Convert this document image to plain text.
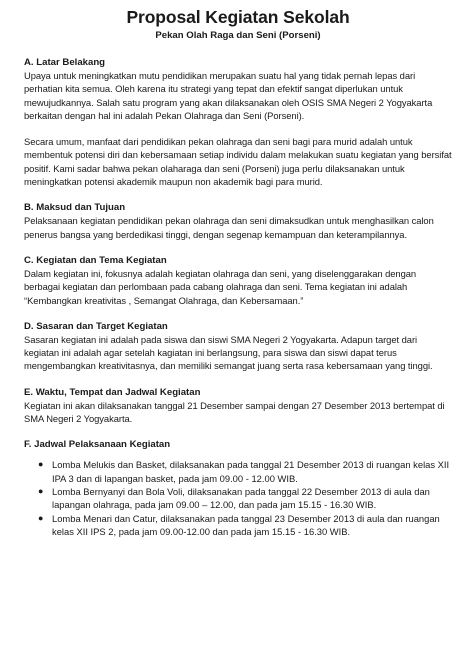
Proposal Kegiatan Sekolah
Pekan Olah Raga dan Seni (Porseni)
A. Latar Belakang

Upaya untuk meningkatkan mutu pendidikan merupakan suatu hal yang tidak pernah lepas dari perhatian kita semua. Oleh karena itu strategi yang tepat dan efektif sangat diperlukan untuk mewujudkannya. Salah satu program yang akan dilaksanakan oleh OSIS SMA Negeri 2 Yogyakarta berkaitan dengan hal ini adalah Pekan Olahraga dan Seni (Porseni).

Secara umum, manfaat dari pendidikan pekan olahraga dan seni bagi para murid adalah untuk membentuk potensi diri dan kebersamaan setiap individu dalam melakukan suatu kegiatan yang bersifat positif. Kami sadar bahwa pekan olaharaga dan seni (Porseni) juga perlu dilaksanakan untuk meningkatkan potensi akademik maupun non akademik bagi para murid.

B. Maksud dan Tujuan

Pelaksanaan kegiatan pendidikan pekan olahraga dan seni dimaksudkan untuk menghasilkan calon penerus bangsa yang berdedikasi tinggi, dengan segenap kemampuan dan keterampilannya.

C. Kegiatan dan Tema Kegiatan

Dalam kegiatan ini, fokusnya adalah kegiatan olahraga dan seni, yang diselenggarakan dengan berbagai kegiatan dan perlombaan pada cabang olahraga dan seni. Tema kegiatan ini adalah “Kembangkan kreativitas , Semangat Olahraga, dan Kebersamaan.”

D. Sasaran dan Target Kegiatan

Sasaran kegiatan ini adalah pada siswa dan siswi SMA Negeri 2 Yogyakarta. Adapun target dari kegiatan ini adalah agar setelah kagiatan ini berlangsung, para siswa dan siswi dapat terus mengembangkan kreativitasnya, dan memiliki semangat juang serta rasa kebersamaan yang tinggi.

E. Waktu, Tempat dan Jadwal Kegiatan

Kegiatan ini akan dilaksanakan tanggal 21 Desember sampai dengan 27 Desember 2013 bertempat di SMA Negeri 2 Yogyakarta.

F. Jadwal Pelaksanaan Kegiatan
● Lomba Melukis dan Basket, dilaksanakan pada tanggal 21 Desember 2013 di ruangan kelas XII IPA 3 dan di lapangan basket, pada jam 09.00 - 12.00 WIB.
● Lomba Bernyanyi dan Bola Voli, dilaksanakan pada tanggal 22 Desember 2013 di aula dan lapangan olahraga, pada jam 09.00 – 12.00, dan pada jam 15.15 - 16.30 WIB.
● Lomba Menari dan Catur, dilaksanakan pada tanggal 23 Desember 2013 di aula dan ruangan kelas XII IPS 2, pada jam 09.00-12.00 dan pada jam 15.15 - 16.30 WIB.
